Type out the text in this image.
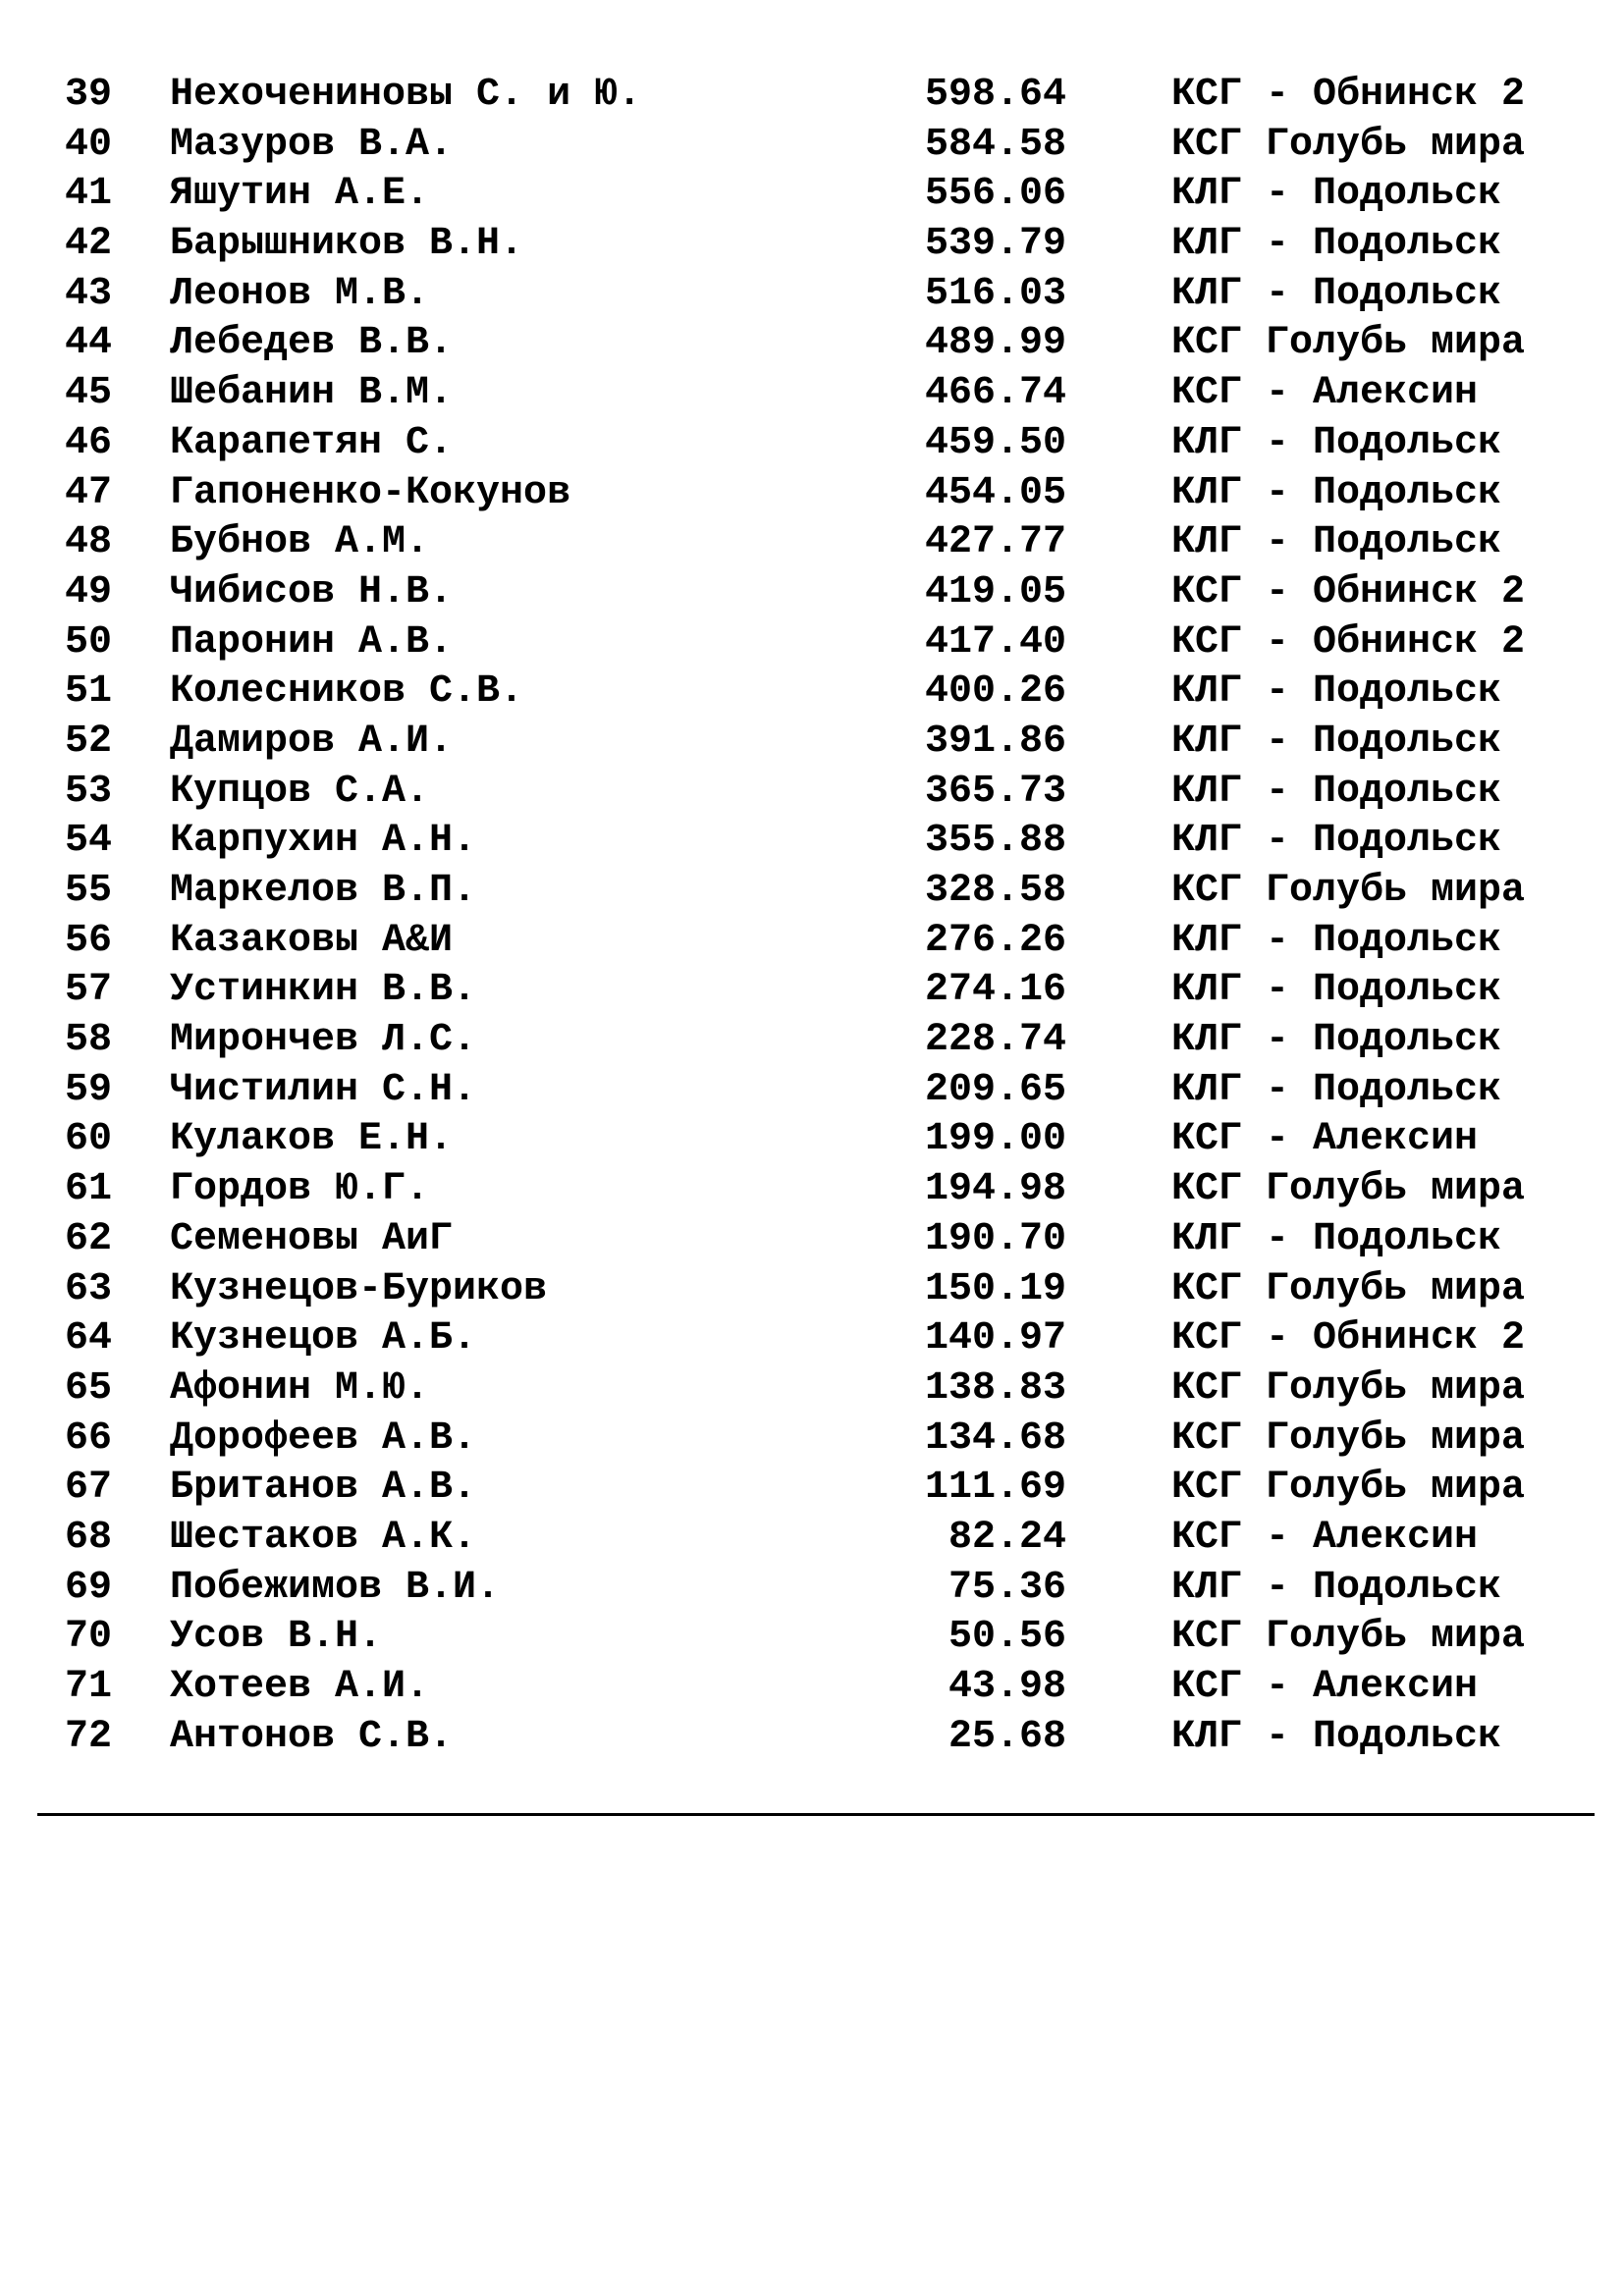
39 Нехочениновы С. и Ю.	598.64	КСГ - Обнинск 2
40 Мазуров В.А.	584.58	КСГ Голубь мира
41 Яшутин А.Е.	556.06	КЛГ - Подольск
42 Барышников В.Н.	539.79	КЛГ - Подольск
43 Леонов М.В.	516.03	КЛГ - Подольск
44 Лебедев В.В.	489.99	КСГ Голубь мира
45 Шебанин В.М.	466.74	КСГ - Алексин
46 Карапетян С.	459.50	КЛГ - Подольск
47 Гапоненко-Кокунов	454.05	КЛГ - Подольск
48 Бубнов А.М.	427.77	КЛГ - Подольск
49 Чибисов Н.В.	419.05	КСГ - Обнинск 2
50 Паронин А.В.	417.40	КСГ - Обнинск 2
51 Колесников С.В.	400.26	КЛГ - Подольск
52 Дамиров А.И.	391.86	КЛГ - Подольск
53 Купцов С.А.	365.73	КЛГ - Подольск
54 Карпухин А.Н.	355.88	КЛГ - Подольск
55 Маркелов В.П.	328.58	КСГ Голубь мира
56 Казаковы А&И	276.26	КЛГ - Подольск
57 Устинкин В.В.	274.16	КЛГ - Подольск
58 Мирончев Л.С.	228.74	КЛГ - Подольск
59 Чистилин С.Н.	209.65	КЛГ - Подольск
60 Кулаков Е.Н.	199.00	КСГ - Алексин
61 Гордов Ю.Г.	194.98	КСГ Голубь мира
62 Семеновы АиГ	190.70	КЛГ - Подольск
63 Кузнецов-Буриков	150.19	КСГ Голубь мира
64 Кузнецов А.Б.	140.97	КСГ - Обнинск 2
65 Афонин М.Ю.	138.83	КСГ Голубь мира
66 Дорофеев А.В.	134.68	КСГ Голубь мира
67 Британов А.В.	111.69	КСГ Голубь мира
68 Шестаков А.К.	82.24	КСГ - Алексин
69 Побежимов В.И.	75.36	КЛГ - Подольск
70 Усов В.Н.	50.56	КСГ Голубь мира
71 Хотеев А.И.	43.98	КСГ - Алексин
72 Антонов С.В.	25.68	КЛГ - Подольск
